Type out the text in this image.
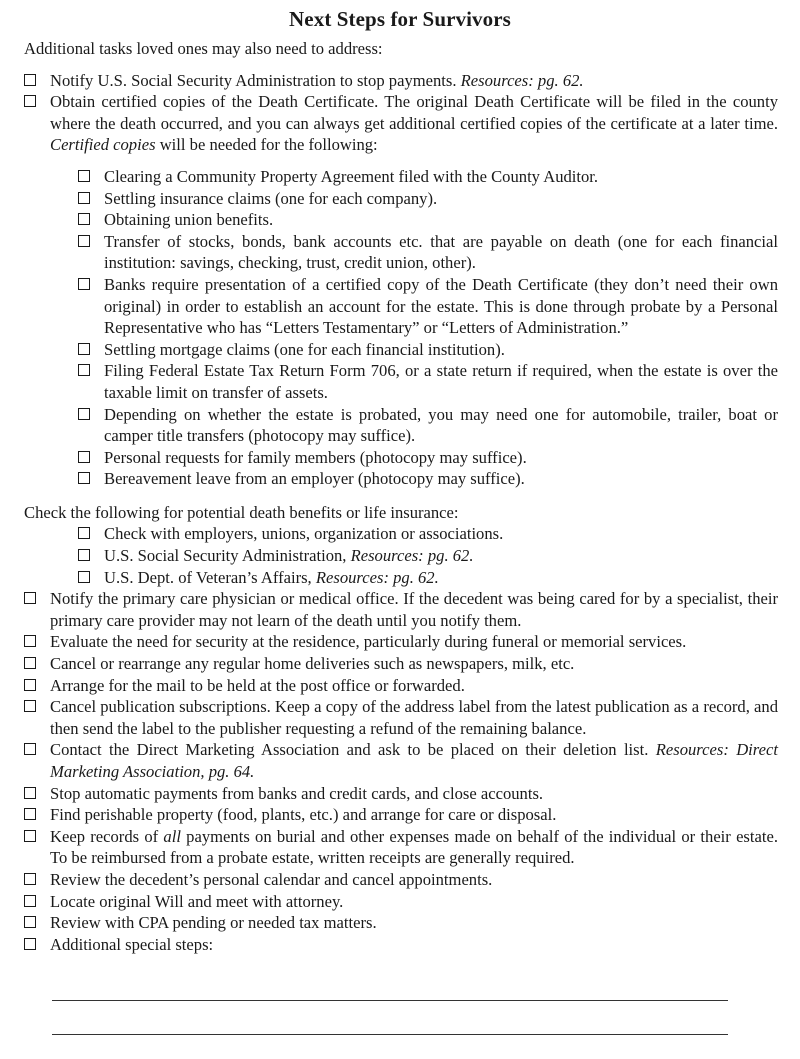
Next Steps for Survivors
Additional tasks loved ones may also need to address:
Notify U.S. Social Security Administration to stop payments. Resources: pg. 62.
Obtain certified copies of the Death Certificate. The original Death Certificate will be filed in the county where the death occurred, and you can always get additional certified copies of the certificate at a later time. Certified copies will be needed for the following:
Clearing a Community Property Agreement filed with the County Auditor.
Settling insurance claims (one for each company).
Obtaining union benefits.
Transfer of stocks, bonds, bank accounts etc. that are payable on death (one for each financial institution: savings, checking, trust, credit union, other).
Banks require presentation of a certified copy of the Death Certificate (they don’t need their own original) in order to establish an account for the estate. This is done through probate by a Personal Representative who has “Letters Testamentary” or “Letters of Administration.”
Settling mortgage claims (one for each financial institution).
Filing Federal Estate Tax Return Form 706, or a state return if required, when the estate is over the taxable limit on transfer of assets.
Depending on whether the estate is probated, you may need one for automobile, trailer, boat or camper title transfers (photocopy may suffice).
Personal requests for family members (photocopy may suffice).
Bereavement leave from an employer (photocopy may suffice).
Check the following for potential death benefits or life insurance:
Check with employers, unions, organization or associations.
U.S. Social Security Administration, Resources: pg. 62.
U.S. Dept. of Veteran’s Affairs, Resources: pg. 62.
Notify the primary care physician or medical office. If the decedent was being cared for by a specialist, their primary care provider may not learn of the death until you notify them.
Evaluate the need for security at the residence, particularly during funeral or memorial services.
Cancel or rearrange any regular home deliveries such as newspapers, milk, etc.
Arrange for the mail to be held at the post office or forwarded.
Cancel publication subscriptions. Keep a copy of the address label from the latest publication as a record, and then send the label to the publisher requesting a refund of the remaining balance.
Contact the Direct Marketing Association and ask to be placed on their deletion list. Resources: Direct Marketing Association, pg. 64.
Stop automatic payments from banks and credit cards, and close accounts.
Find perishable property (food, plants, etc.) and arrange for care or disposal.
Keep records of all payments on burial and other expenses made on behalf of the individual or their estate. To be reimbursed from a probate estate, written receipts are generally required.
Review the decedent’s personal calendar and cancel appointments.
Locate original Will and meet with attorney.
Review with CPA pending or needed tax matters.
Additional special steps:
